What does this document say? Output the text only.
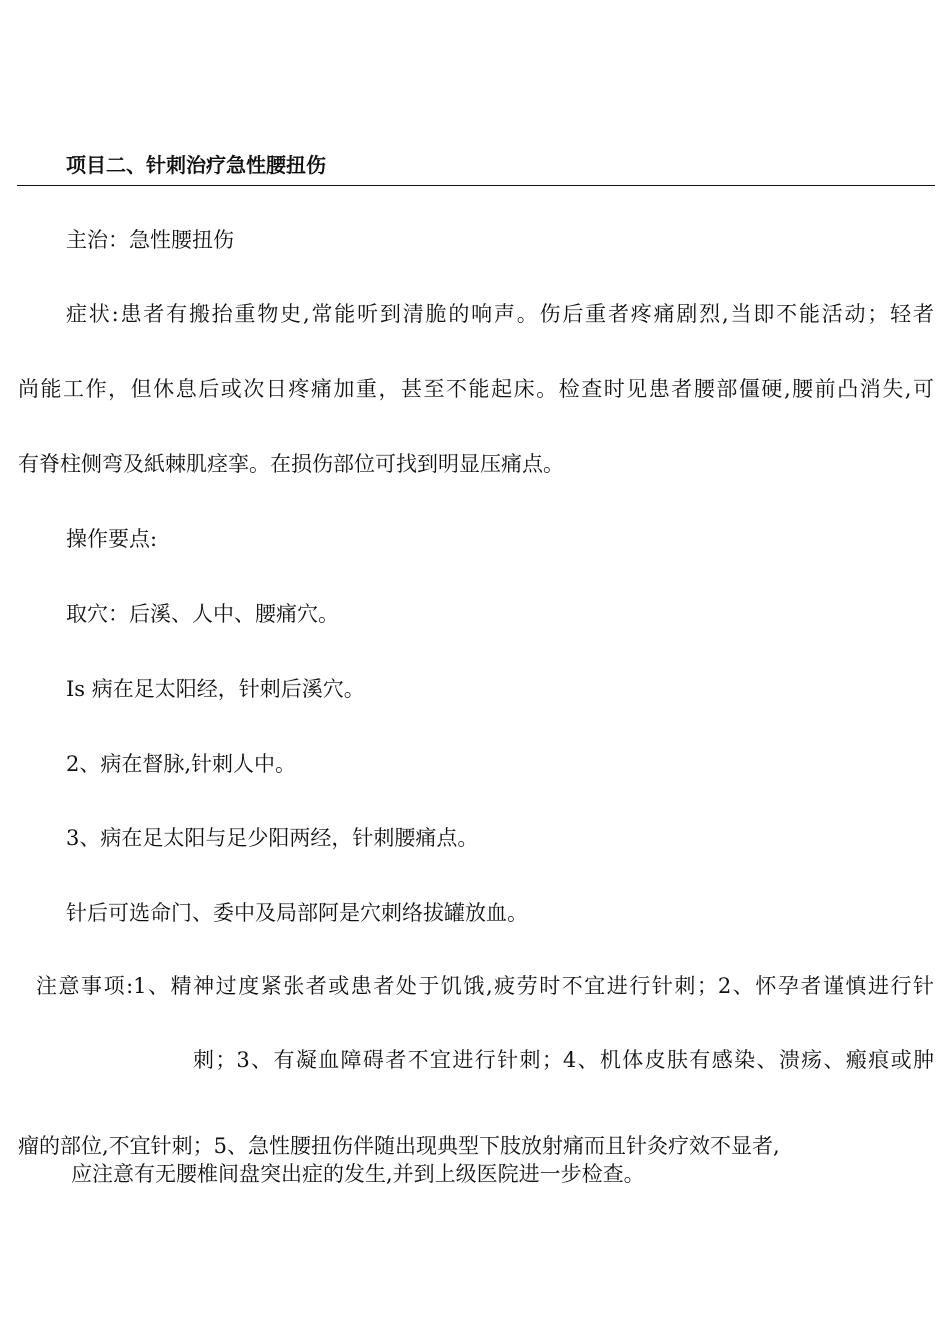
项目二、针刺治疗急性腰扭伤
主治：急性腰扭伤
症状:患者有搬抬重物史,常能听到清脆的响声。伤后重者疼痛剧烈,当即不能活动；轻者
尚能工作，但休息后或次日疼痛加重，甚至不能起床。检查时见患者腰部僵硬,腰前凸消失,可
有脊柱侧弯及紙棘肌痉挛。在损伤部位可找到明显压痛点。
操作要点:
取穴：后溪、人中、腰痛穴。
Is 病在足太阳经，针刺后溪穴。
2、病在督脉,针刺人中。
3、病在足太阳与足少阳两经，针刺腰痛点。
针后可选命门、委中及局部阿是穴刺络拔罐放血。
注意事项:1、精神过度紧张者或患者处于饥饿,疲劳时不宜进行针刺；2、怀孕者谨慎进行针
刺；3、有凝血障碍者不宜进行针刺；4、机体皮肤有感染、溃疡、瘢痕或肿
瘤的部位,不宜针刺；5、急性腰扭伤伴随出现典型下肢放射痛而且针灸疗效不显者,
应注意有无腰椎间盘突出症的发生,并到上级医院进一步检查。
